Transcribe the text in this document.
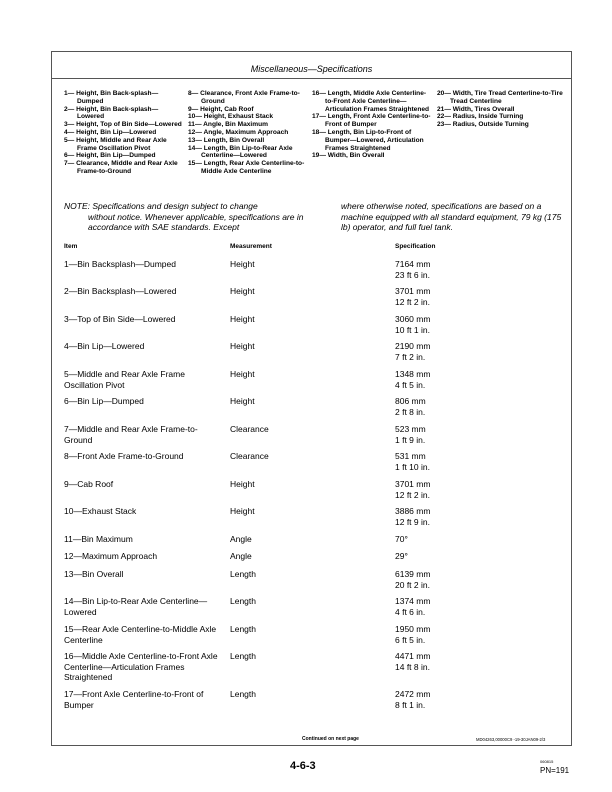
Miscellaneous—Specifications
1— Height, Bin Back-splash—Dumped
2— Height, Bin Back-splash—Lowered
3— Height, Top of Bin Side—Lowered
4— Height, Bin Lip—Lowered
5— Height, Middle and Rear Axle Frame Oscillation Pivot
6— Height, Bin Lip—Dumped
7— Clearance, Middle and Rear Axle Frame-to-Ground
8— Clearance, Front Axle Frame-to-Ground
9— Height, Cab Roof
10— Height, Exhaust Stack
11— Angle, Bin Maximum
12— Angle, Maximum Approach
13— Length, Bin Overall
14— Length, Bin Lip-to-Rear Axle Centerline—Lowered
15— Length, Rear Axle Centerline-to-Middle Axle Centerline
16— Length, Middle Axle Centerline-to-Front Axle Centerline—Articulation Frames Straightened
17— Length, Front Axle Centerline-to-Front of Bumper
18— Length, Bin Lip-to-Front of Bumper—Lowered, Articulation Frames Straightened
19— Width, Bin Overall
20— Width, Tire Tread Centerline-to-Tire Tread Centerline
21— Width, Tires Overall
22— Radius, Inside Turning
23— Radius, Outside Turning
NOTE: Specifications and design subject to change
without notice. Whenever applicable, specifications are in accordance with SAE standards. Except
where otherwise noted, specifications are based on a machine equipped with all standard equipment, 79 kg (175 lb) operator, and full fuel tank.
Item	Measurement	Specification
1—Bin Backsplash—Dumped	Height	7164 mm
23 ft 6 in.
2—Bin Backsplash—Lowered	Height	3701 mm
12 ft 2 in.
3—Top of Bin Side—Lowered	Height	3060 mm
10 ft 1 in.
4—Bin Lip—Lowered	Height	2190 mm
7 ft 2 in.
5—Middle and Rear Axle Frame Oscillation Pivot
Height	1348 mm
4 ft 5 in.
6—Bin Lip—Dumped	Height	806 mm
2 ft 8 in.
7—Middle and Rear Axle Frame-to-Ground
Clearance	523 mm
1 ft 9 in.
8—Front Axle Frame-to-Ground	Clearance	531 mm
1 ft 10 in.
9—Cab Roof	Height	3701 mm
12 ft 2 in.
10—Exhaust Stack	Height	3886 mm
12 ft 9 in.
11—Bin Maximum	Angle	70°
12—Maximum Approach	Angle	29°
13—Bin Overall	Length	6139 mm
20 ft 2 in.
14—Bin Lip-to-Rear Axle Centerline—Lowered
Length	1374 mm
4 ft 6 in.
15—Rear Axle Centerline-to-Middle Axle Centerline
Length	1950 mm
6 ft 5 in.
16—Middle Axle Centerline-to-Front Axle Centerline—Articulation Frames Straightened
Length	4471 mm
14 ft 8 in.
17—Front Axle Centerline-to-Front of Bumper
Length	2472 mm
8 ft 1 in.
Continued on next page	MD04263,00000C9 -19-30JAN09-2/3
4-6-3	060815
PN=191
